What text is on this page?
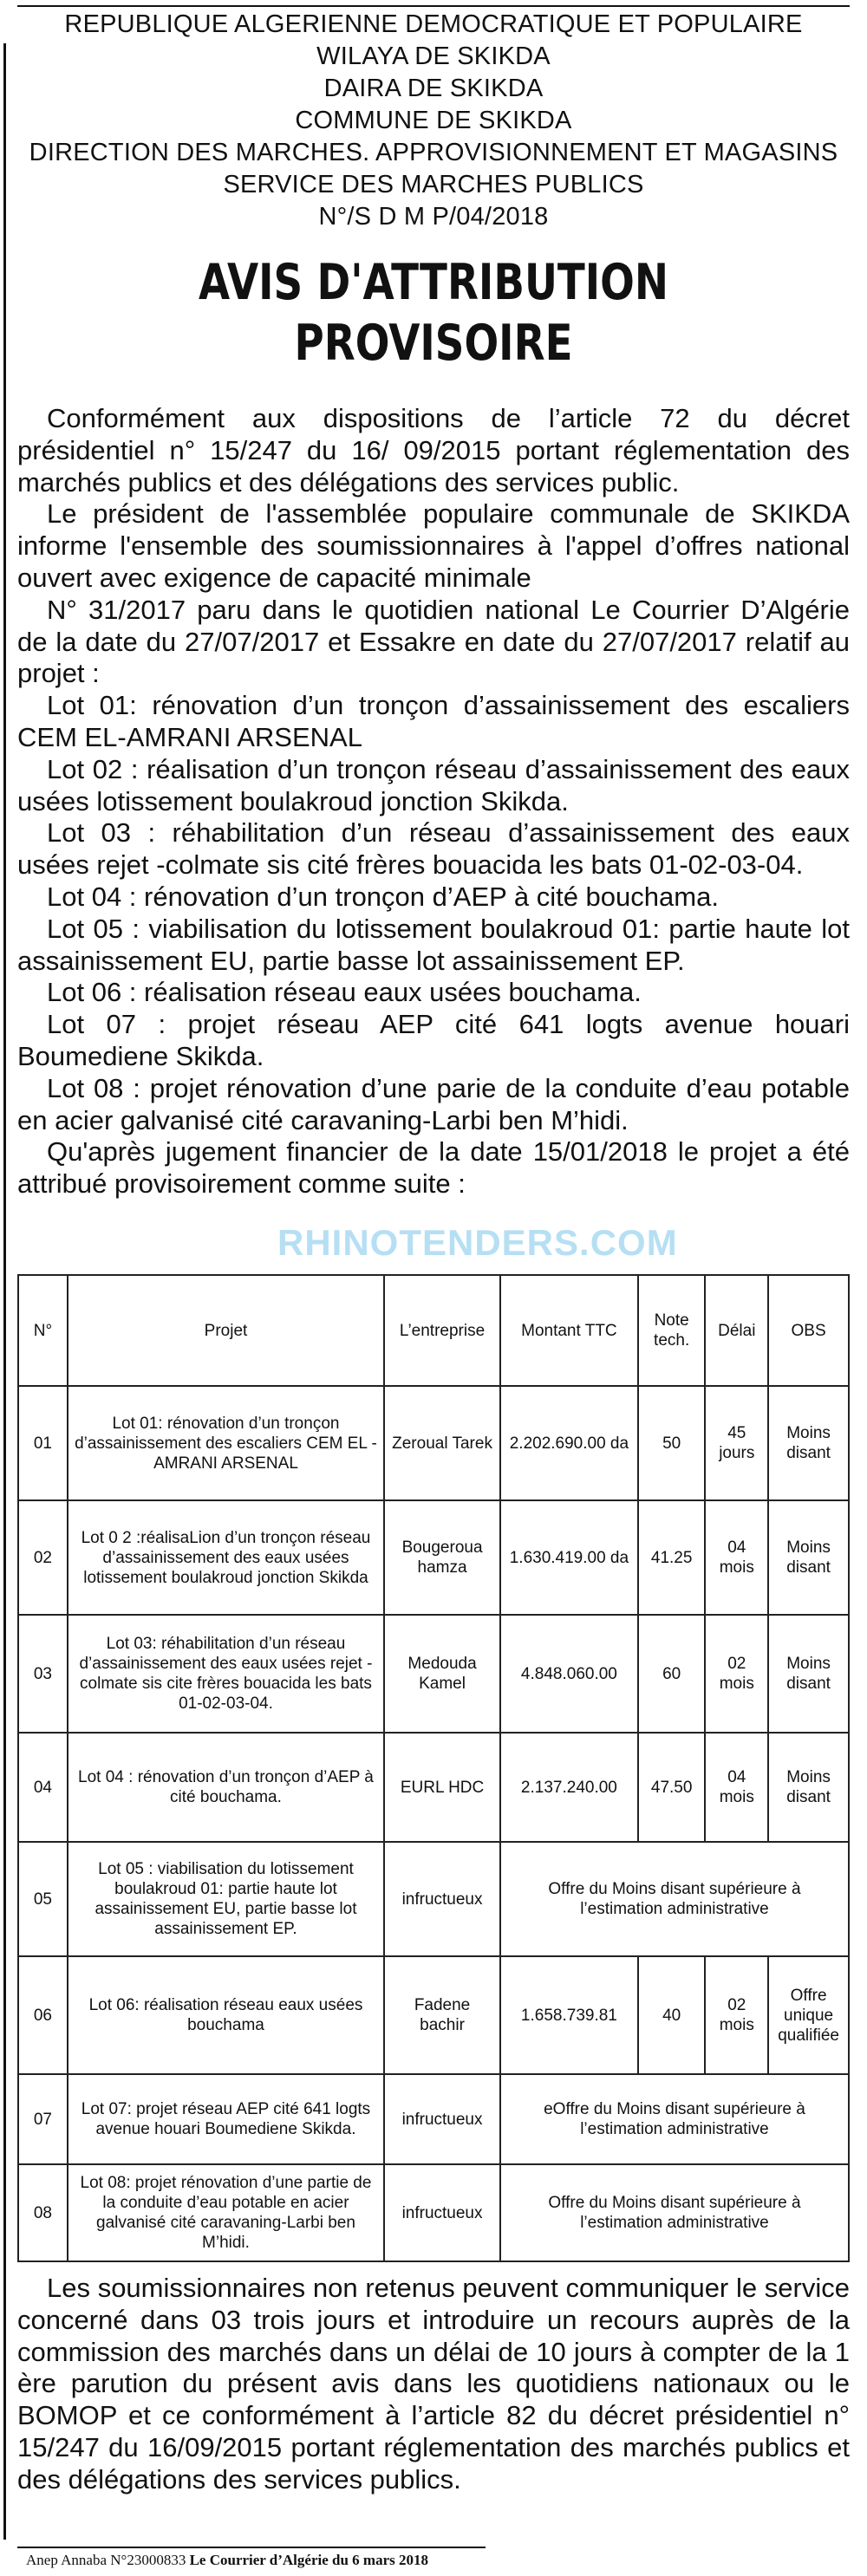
REPUBLIQUE ALGERIENNE DEMOCRATIQUE ET POPULAIRE
WILAYA DE SKIKDA
DAIRA DE SKIKDA
COMMUNE DE SKIKDA
DIRECTION DES MARCHES. APPROVISIONNEMENT ET MAGASINS
SERVICE DES MARCHES PUBLICS
N°/S D M P/04/2018
AVIS D'ATTRIBUTION PROVISOIRE

Conformément aux dispositions de l’article 72 du décret présidentiel n° 15/247 du 16/ 09/2015 portant réglementation des marchés publics et des délégations des services public.

Le président de l'assemblée populaire communale de SKIKDA informe l'ensemble des soumissionnaires à l'appel d’offres national ouvert avec exigence de capacité minimale

N° 31/2017 paru dans le quotidien national Le Courrier D’Algérie de la date du 27/07/2017 et Essakre en date du 27/07/2017 relatif au projet :

Lot 01: rénovation d’un tronçon d’assainissement des escaliers CEM EL-AMRANI ARSENAL

Lot 02 : réalisation d’un tronçon réseau d’assainissement des eaux usées lotissement boulakroud jonction Skikda.

Lot 03 : réhabilitation d’un réseau d’assainissement des eaux usées rejet -colmate sis cité frères bouacida les bats 01-02-03-04.

Lot 04 : rénovation d’un tronçon d’AEP à cité bouchama.

Lot 05 : viabilisation du lotissement boulakroud 01: partie haute lot assainissement EU, partie basse lot assainissement EP.

Lot 06 : réalisation réseau eaux usées bouchama.

Lot 07 : projet réseau AEP cité 641 logts avenue houari Boumediene Skikda.

Lot 08 : projet rénovation d’une parie de la conduite d’eau potable en acier galvanisé cité caravaning-Larbi ben M’hidi.

Qu'après jugement financier de la date 15/01/2018 le projet a été attribué provisoirement comme suite :

RHINOTENDERS.COM
N°	Projet	L’entreprise	Montant TTC	Note tech.	Délai	OBS
01	Lot 01: rénovation d’un tronçon d’assainissement des escaliers CEM EL -AMRANI ARSENAL	Zeroual Tarek	2.202.690.00 da	50	45 jours	Moins disant
02	Lot 0 2 :réalisaLion d’un tronçon réseau d’assainissement des eaux usées lotissement boulakroud jonction Skikda	Bougeroua hamza	1.630.419.00 da	41.25	04 mois	Moins disant
03	Lot 03: réhabilitation d’un réseau d’assainissement des eaux usées rejet -colmate sis cite frères bouacida les bats 01-02-03-04.	Medouda Kamel	4.848.060.00	60	02 mois	Moins disant
04	Lot 04 : rénovation d’un tronçon d’AEP à cité bouchama.	EURL HDC	2.137.240.00	47.50	04 mois	Moins disant
05	Lot 05 : viabilisation du lotissement boulakroud 01: partie haute lot assainissement EU, partie basse lot assainissement EP.	infructueux	Offre du Moins disant supérieure à l’estimation administrative			
06	Lot 06: réalisation réseau eaux usées bouchama	Fadene bachir	1.658.739.81	40	02 mois	Offre unique qualifiée
07	Lot 07: projet réseau AEP cité 641 logts avenue houari Boumediene Skikda.	infructueux	eOffre du Moins disant supérieure à l’estimation administrative			
08	Lot 08: projet rénovation d’une partie de la conduite d’eau potable en acier galvanisé cité caravaning-Larbi ben M’hidi.	infructueux	Offre du Moins disant supérieure à l’estimation administrative			

Les soumissionnaires non retenus peuvent communiquer le service concerné dans 03 trois jours et introduire un recours auprès de la commission des marchés dans un délai de 10 jours à compter de la 1 ère parution du présent avis dans les quotidiens nationaux ou le BOMOP et ce conformément à l’article 82 du décret présidentiel n° 15/247 du 16/09/2015 portant réglementation des marchés publics et des délégations des services publics.

Anep Annaba N°23000833 Le Courrier d’Algérie du 6 mars 2018
